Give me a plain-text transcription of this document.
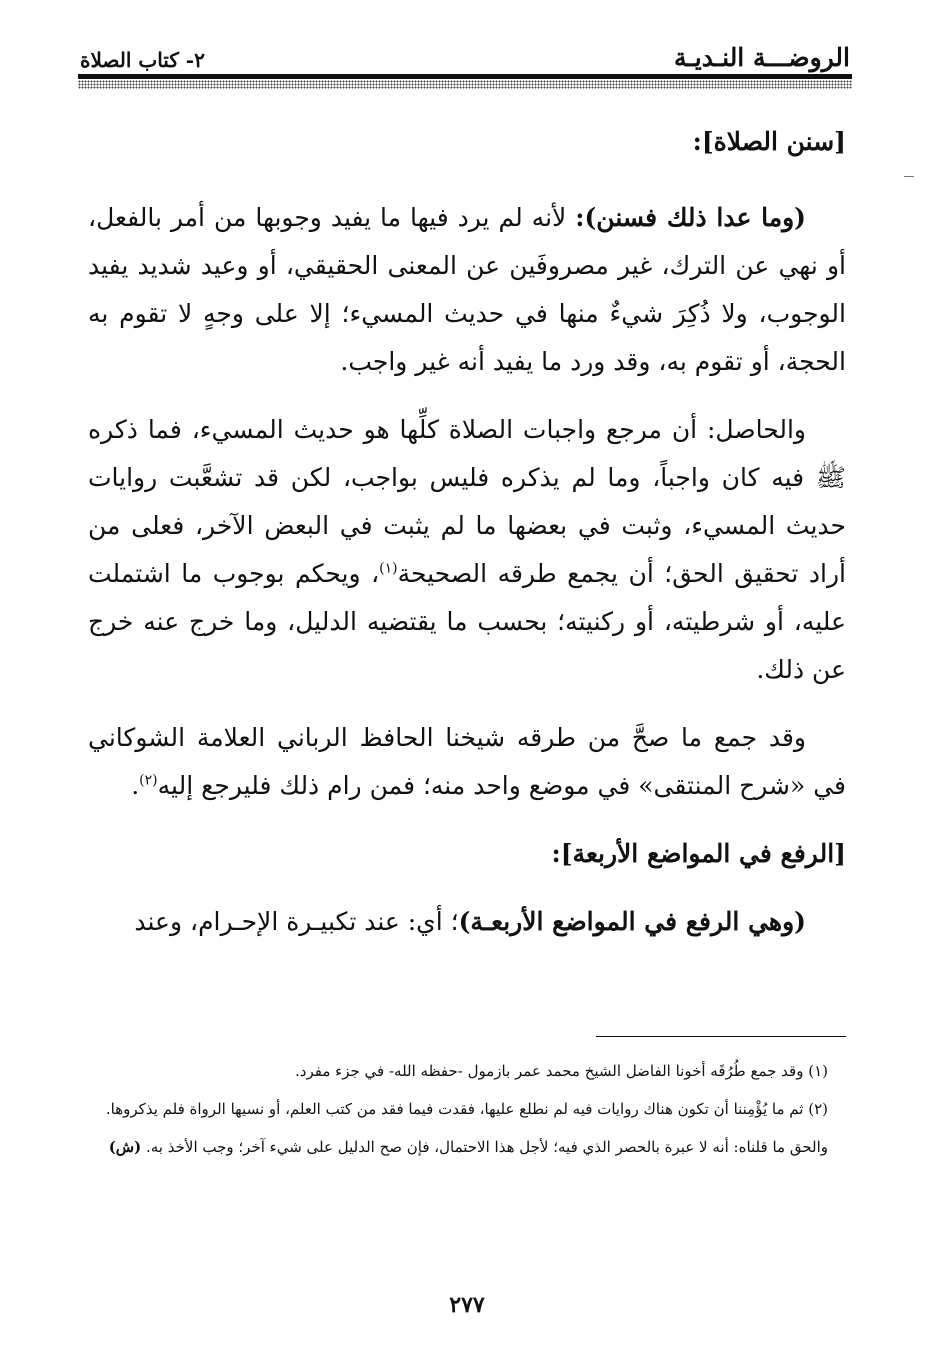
٢- كتاب الصلاة	الروضـــة النـديـة

[سنن الصلاة]:

(وما عدا ذلك فسنن): لأنه لم يرد فيها ما يفيد وجوبها من أمر بالفعل، أو نهي عن الترك، غير مصروفَين عن المعنى الحقيقي، أو وعيد شديد يفيد الوجوب، ولا ذُكِرَ شيءٌ منها في حديث المسيء؛ إلا على وجهٍ لا تقوم به الحجة، أو تقوم به، وقد ورد ما يفيد أنه غير واجب.

والحاصل: أن مرجع واجبات الصلاة كلِّها هو حديث المسيء، فما ذكره ﷺ فيه كان واجباً، وما لم يذكره فليس بواجب، لكن قد تشعَّبت روايات حديث المسيء، وثبت في بعضها ما لم يثبت في البعض الآخر، فعلى من أراد تحقيق الحق؛ أن يجمع طرقه الصحيحة$^{(١)}$، ويحكم بوجوب ما اشتملت عليه، أو شرطيته، أو ركنيته؛ بحسب ما يقتضيه الدليل، وما خرج عنه خرج عن ذلك.

وقد جمع ما صحَّ من طرقه شيخنا الحافظ الرباني العلامة الشوكاني في «شرح المنتقى» في موضع واحد منه؛ فمن رام ذلك فليرجع إليه$^{(٢)}$.

[الرفع في المواضع الأربعة]:

(وهي الرفع في المواضع الأربعـة)؛ أي: عند تكبيـرة الإحـرام، وعند

(١) وقد جمع طُرُقَه أخونا الفاضل الشيخ محمد عمر بازمول -حفظه الله- في جزء مفرد.

(٢) ثم ما يُؤْمِننا أن تكون هناك روايات فيه لم نطلع عليها، فقدت فيما فقد من كتب العلم، أو نسيها الرواة فلم يذكروها.

والحق ما قلناه: أنه لا عبرة بالحصر الذي فيه؛ لأجل هذا الاحتمال، فإن صح الدليل على شيء آخر؛ وجب الأخذ به. (ش)

٢٧٧
